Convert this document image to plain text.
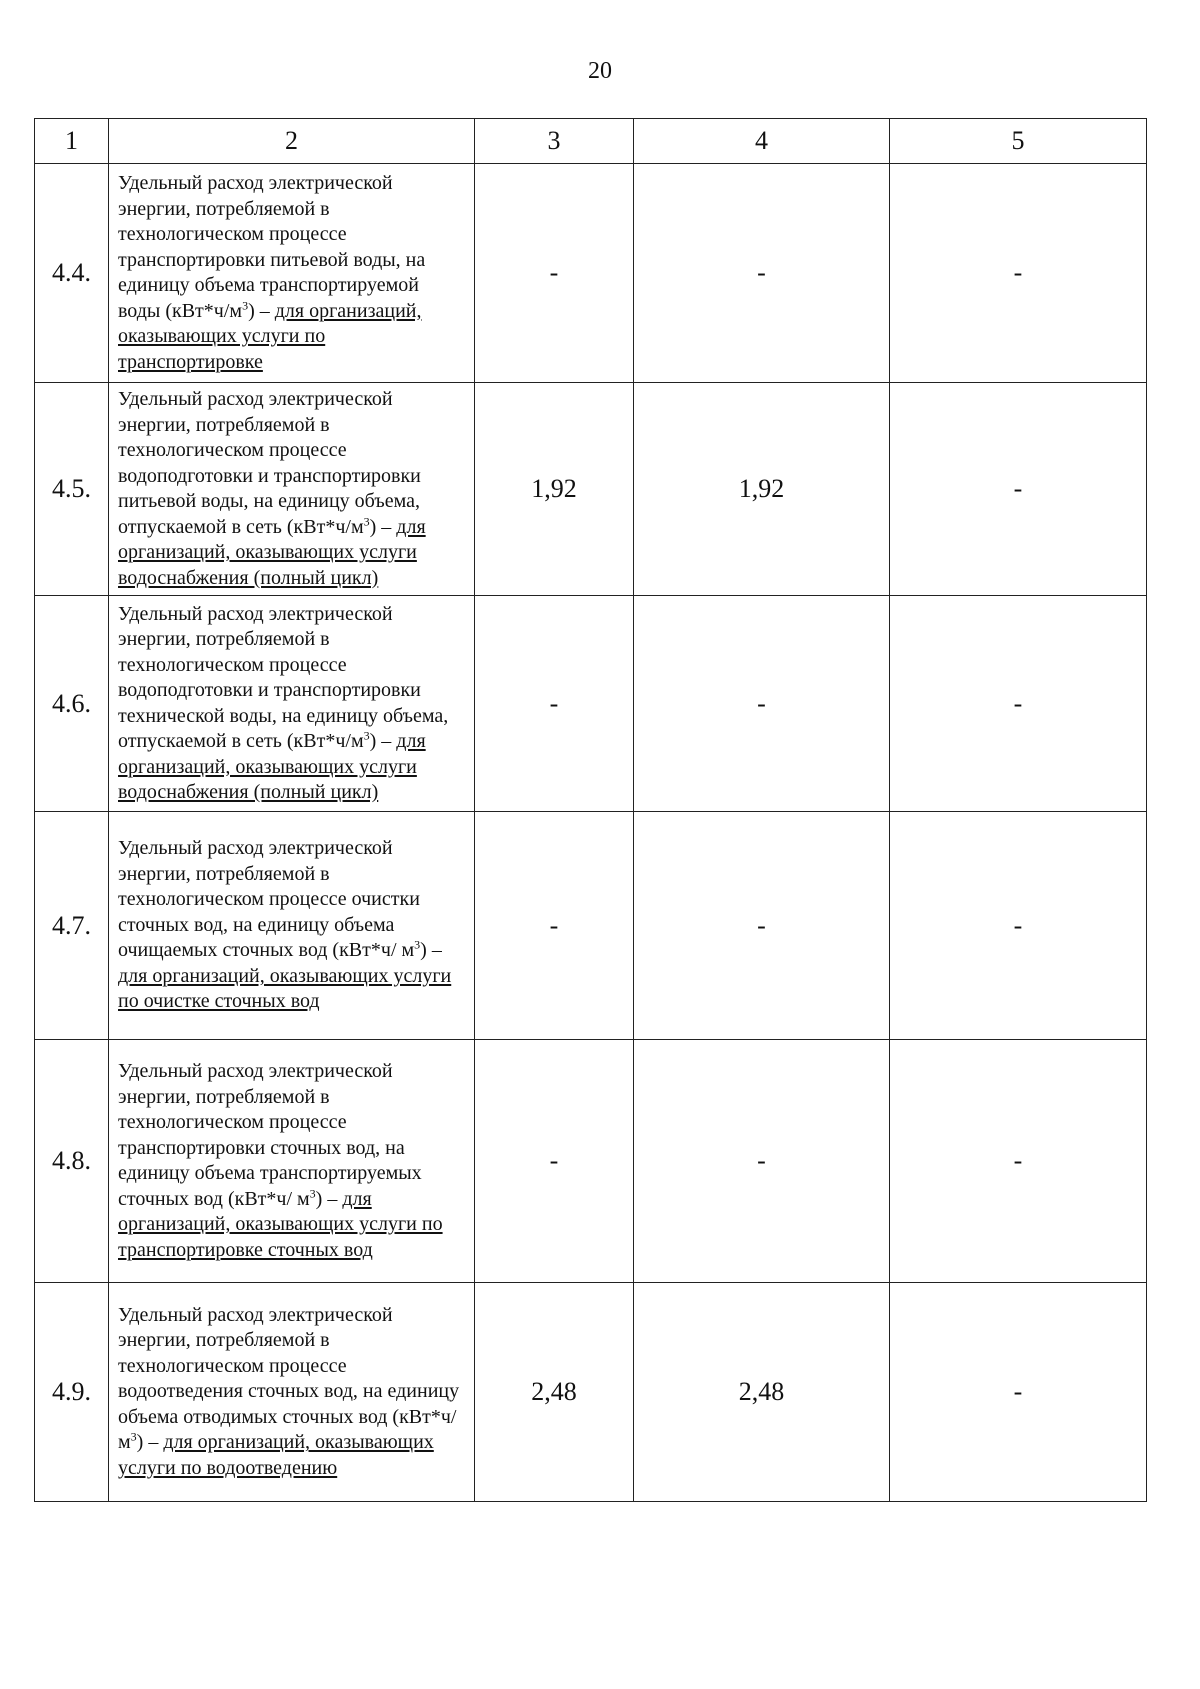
20
1	2	3	4	5
4.4.	Удельный расход электрической энергии, потребляемой в технологическом процессе транспортировки питьевой воды, на единицу объема транспортируемой воды $(кВт*ч/м^3)$ – для организаций, оказывающих услуги по транспортировке	-	-	-
4.5.	Удельный расход электрической энергии, потребляемой в технологическом процессе водоподготовки и транспортировки питьевой воды, на единицу объема, отпускаемой в сеть $(кВт*ч/м^3)$ – для организаций, оказывающих услуги водоснабжения (полный цикл)	1,92	1,92	-
4.6.	Удельный расход электрической энергии, потребляемой в технологическом процессе водоподготовки и транспортировки технической воды, на единицу объема, отпускаемой в сеть $(кВт*ч/м^3)$ – для организаций, оказывающих услуги водоснабжения (полный цикл)	-	-	-
4.7.	Удельный расход электрической энергии, потребляемой в технологическом процессе очистки сточных вод, на единицу объема очищаемых сточных вод (кВт*ч/ $м^3$) – для организаций, оказывающих услуги по очистке сточных вод	-	-	-
4.8.	Удельный расход электрической энергии, потребляемой в технологическом процессе транспортировки сточных вод, на единицу объема транспортируемых сточных вод (кВт*ч/ $м^3$) – для организаций, оказывающих услуги по транспортировке сточных вод	-	-	-
4.9.	Удельный расход электрической энергии, потребляемой в технологическом процессе водоотведения сточных вод, на единицу объема отводимых сточных вод (кВт*ч/ $м^3$) – для организаций, оказывающих услуги по водоотведению	2,48	2,48	-
